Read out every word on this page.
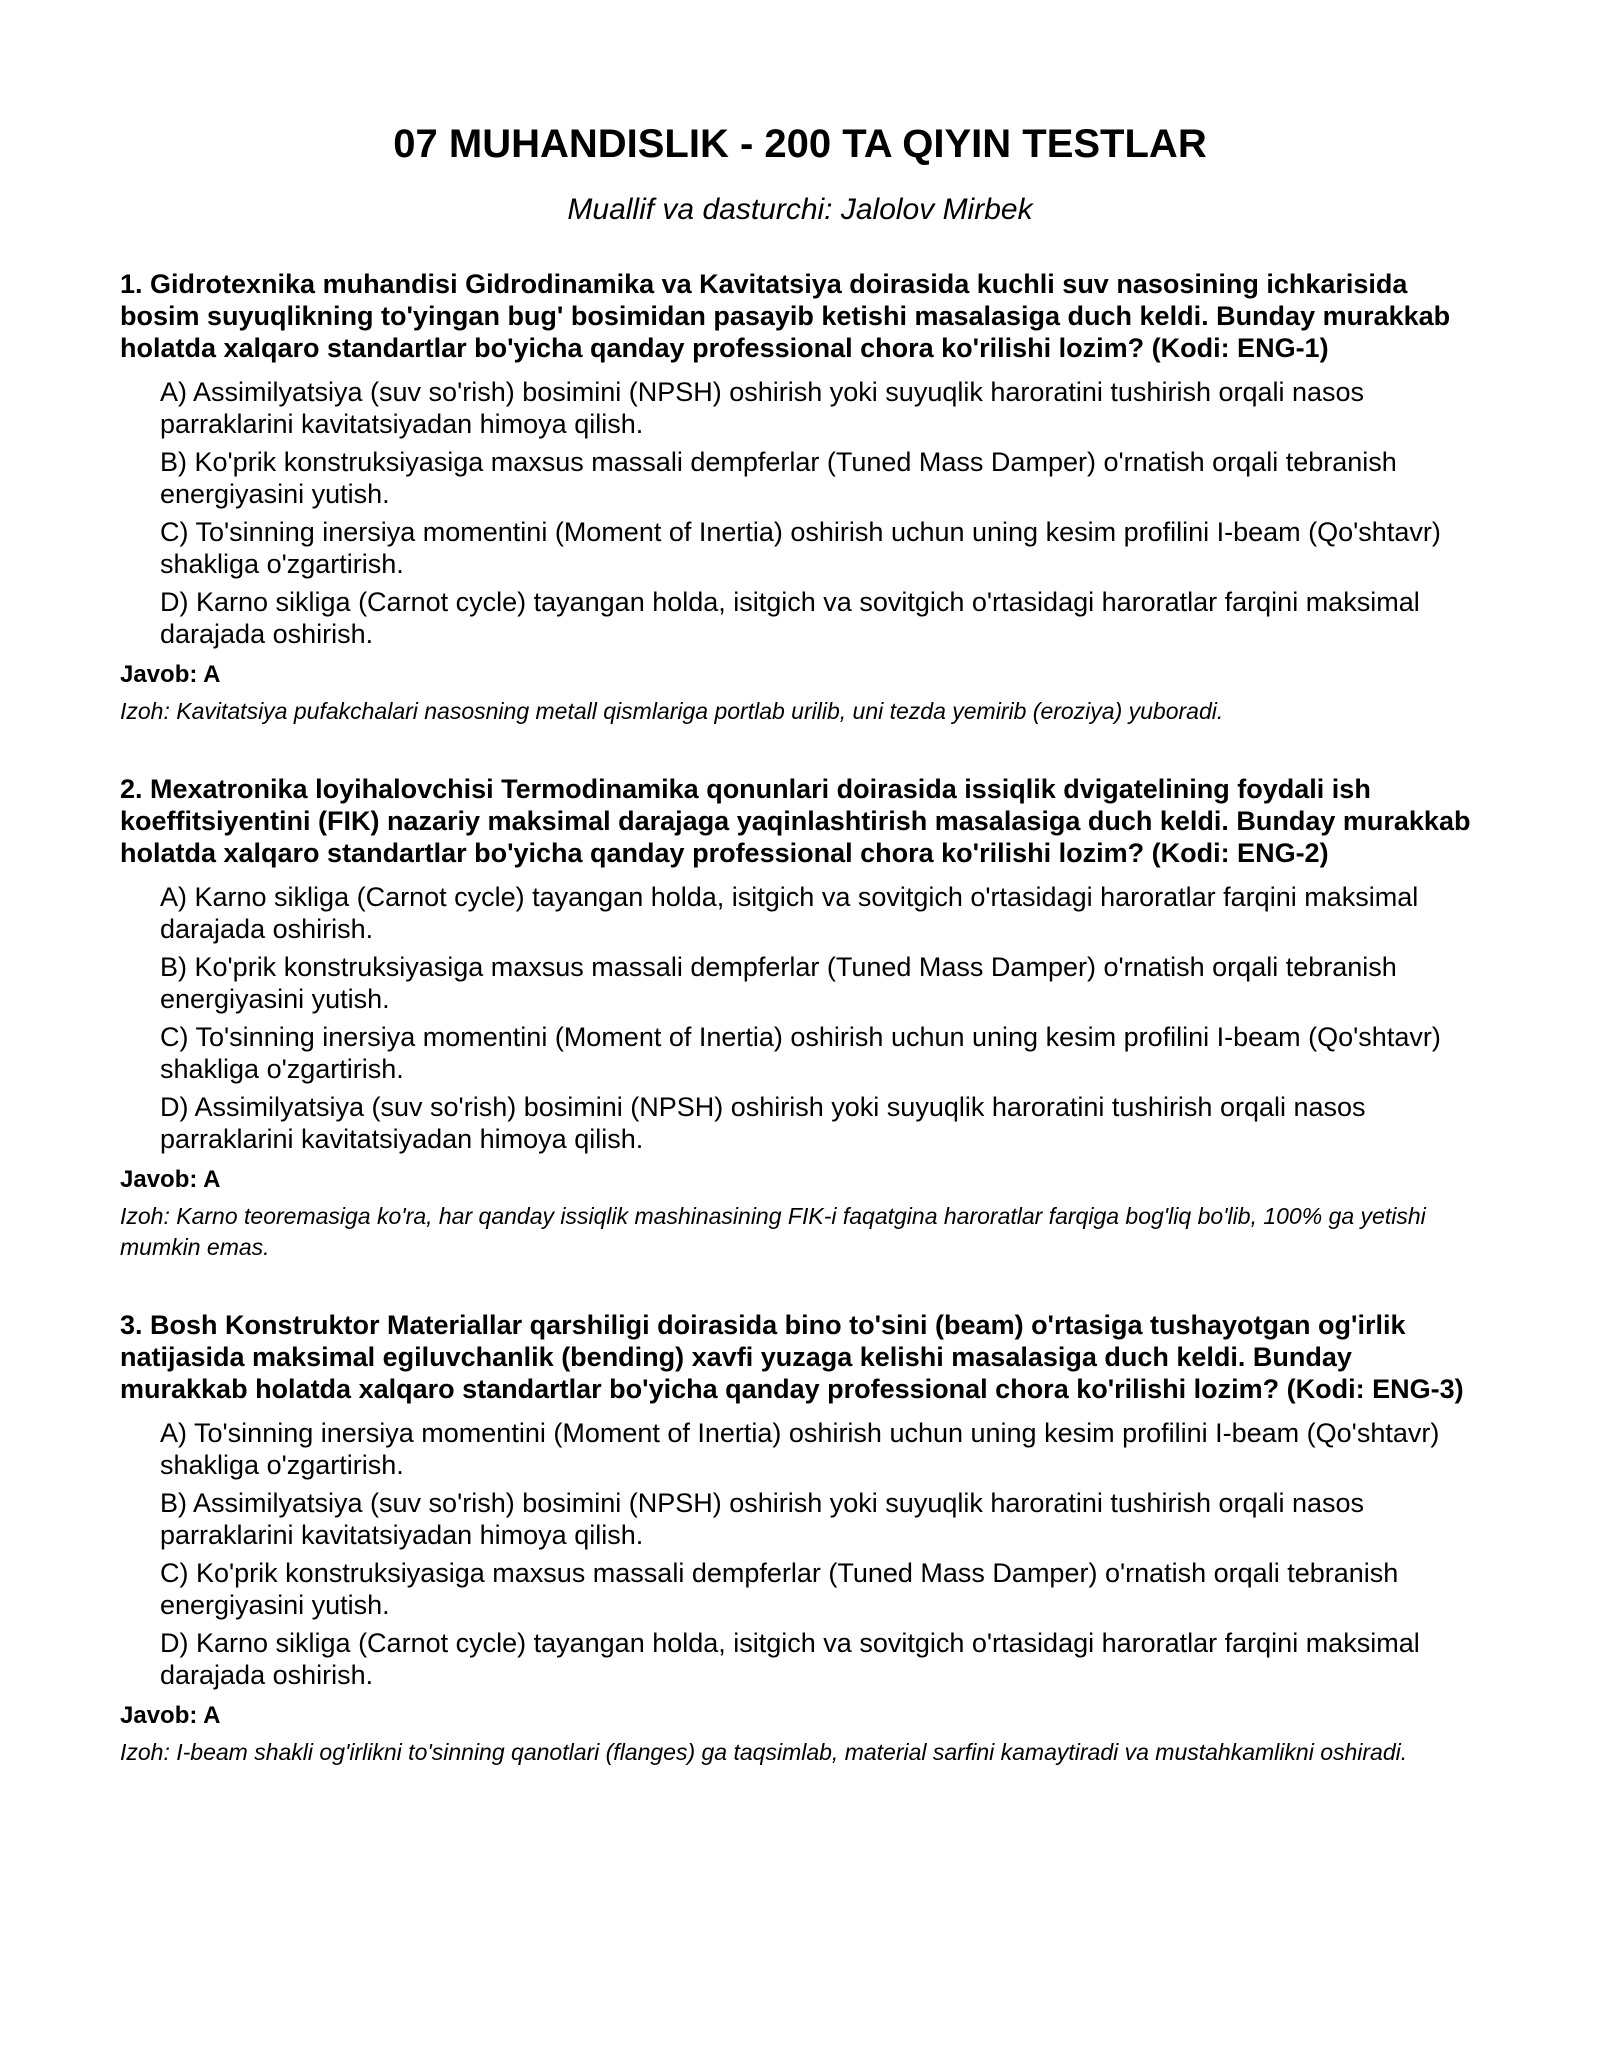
07 MUHANDISLIK - 200 TA QIYIN TESTLAR
Muallif va dasturchi: Jalolov Mirbek

1. Gidrotexnika muhandisi Gidrodinamika va Kavitatsiya doirasida kuchli suv nasosining ichkarisida bosim suyuqlikning to'yingan bug' bosimidan pasayib ketishi masalasiga duch keldi. Bunday murakkab holatda xalqaro standartlar bo'yicha qanday professional chora ko'rilishi lozim? (Kodi: ENG-1)

A) Assimilyatsiya (suv so'rish) bosimini (NPSH) oshirish yoki suyuqlik haroratini tushirish orqali nasos parraklarini kavitatsiyadan himoya qilish.
B) Ko'prik konstruksiyasiga maxsus massali dempferlar (Tuned Mass Damper) o'rnatish orqali tebranish energiyasini yutish.
C) To'sinning inersiya momentini (Moment of Inertia) oshirish uchun uning kesim profilini I-beam (Qo'shtavr) shakliga o'zgartirish.
D) Karno sikliga (Carnot cycle) tayangan holda, isitgich va sovitgich o'rtasidagi haroratlar farqini maksimal darajada oshirish.
Javob: A

Izoh: Kavitatsiya pufakchalari nasosning metall qismlariga portlab urilib, uni tezda yemirib (eroziya) yuboradi.

2. Mexatronika loyihalovchisi Termodinamika qonunlari doirasida issiqlik dvigatelining foydali ish koeffitsiyentini (FIK) nazariy maksimal darajaga yaqinlashtirish masalasiga duch keldi. Bunday murakkab holatda xalqaro standartlar bo'yicha qanday professional chora ko'rilishi lozim? (Kodi: ENG-2)

A) Karno sikliga (Carnot cycle) tayangan holda, isitgich va sovitgich o'rtasidagi haroratlar farqini maksimal darajada oshirish.
B) Ko'prik konstruksiyasiga maxsus massali dempferlar (Tuned Mass Damper) o'rnatish orqali tebranish energiyasini yutish.
C) To'sinning inersiya momentini (Moment of Inertia) oshirish uchun uning kesim profilini I-beam (Qo'shtavr) shakliga o'zgartirish.
D) Assimilyatsiya (suv so'rish) bosimini (NPSH) oshirish yoki suyuqlik haroratini tushirish orqali nasos parraklarini kavitatsiyadan himoya qilish.
Javob: A

Izoh: Karno teoremasiga ko'ra, har qanday issiqlik mashinasining FIK-i faqatgina haroratlar farqiga bog'liq bo'lib, 100% ga yetishi mumkin emas.

3. Bosh Konstruktor Materiallar qarshiligi doirasida bino to'sini (beam) o'rtasiga tushayotgan og'irlik natijasida maksimal egiluvchanlik (bending) xavfi yuzaga kelishi masalasiga duch keldi. Bunday murakkab holatda xalqaro standartlar bo'yicha qanday professional chora ko'rilishi lozim? (Kodi: ENG-3)

A) To'sinning inersiya momentini (Moment of Inertia) oshirish uchun uning kesim profilini I-beam (Qo'shtavr) shakliga o'zgartirish.
B) Assimilyatsiya (suv so'rish) bosimini (NPSH) oshirish yoki suyuqlik haroratini tushirish orqali nasos parraklarini kavitatsiyadan himoya qilish.
C) Ko'prik konstruksiyasiga maxsus massali dempferlar (Tuned Mass Damper) o'rnatish orqali tebranish energiyasini yutish.
D) Karno sikliga (Carnot cycle) tayangan holda, isitgich va sovitgich o'rtasidagi haroratlar farqini maksimal darajada oshirish.
Javob: A

Izoh: I-beam shakli og'irlikni to'sinning qanotlari (flanges) ga taqsimlab, material sarfini kamaytiradi va mustahkamlikni oshiradi.
